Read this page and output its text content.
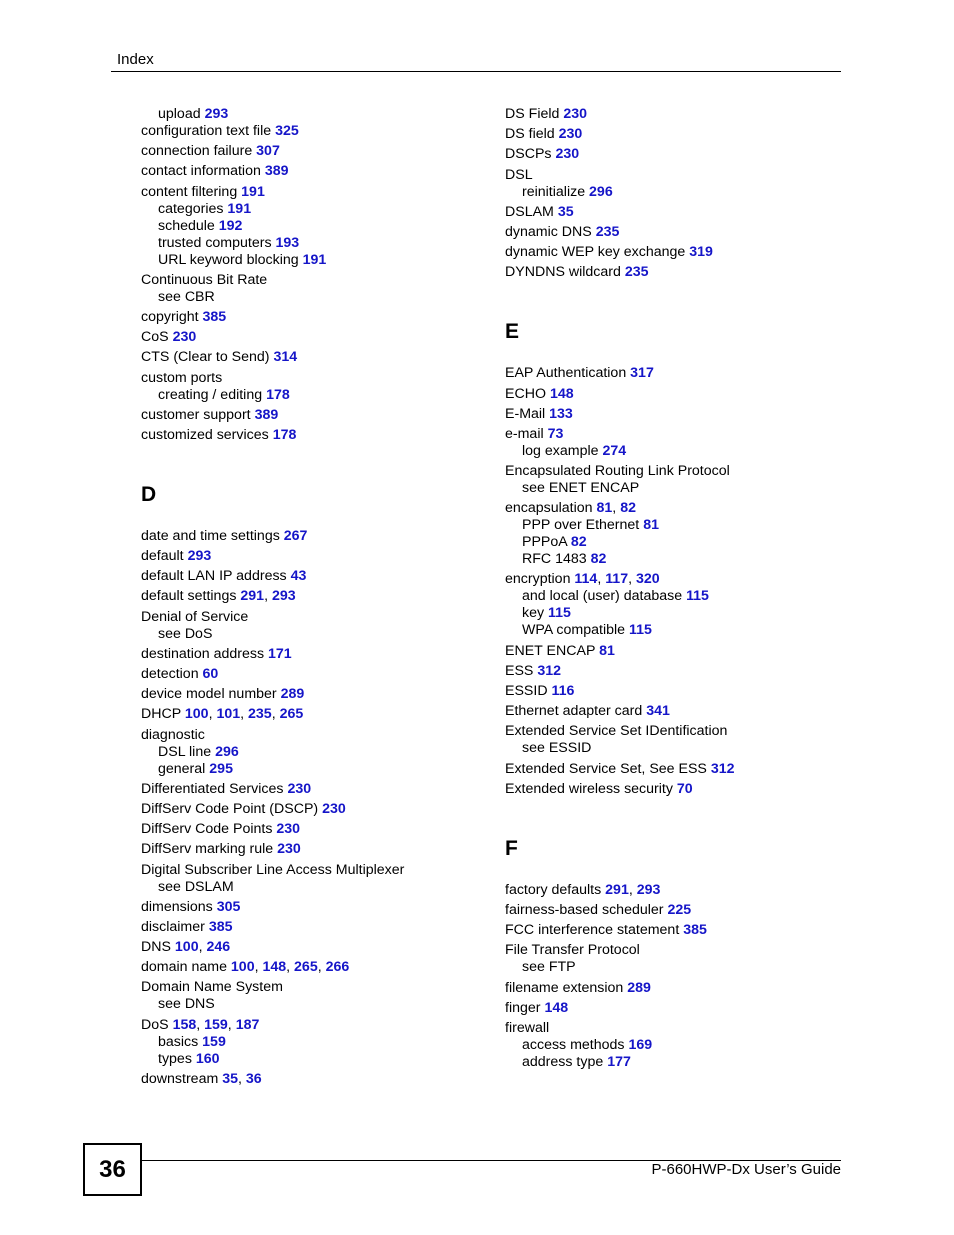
Index
upload 293
configuration text file 325
connection failure 307
contact information 389
content filtering 191
categories 191
schedule 192
trusted computers 193
URL keyword blocking 191
Continuous Bit Rate
see CBR
copyright 385
CoS 230
CTS (Clear to Send) 314
custom ports
creating / editing 178
customer support 389
customized services 178
D
date and time settings 267
default 293
default LAN IP address 43
default settings 291, 293
Denial of Service
see DoS
destination address 171
detection 60
device model number 289
DHCP 100, 101, 235, 265
diagnostic
DSL line 296
general 295
Differentiated Services 230
DiffServ Code Point (DSCP) 230
DiffServ Code Points 230
DiffServ marking rule 230
Digital Subscriber Line Access Multiplexer
see DSLAM
dimensions 305
disclaimer 385
DNS 100, 246
domain name 100, 148, 265, 266
Domain Name System
see DNS
DoS 158, 159, 187
basics 159
types 160
downstream 35, 36
DS Field 230
DS field 230
DSCPs 230
DSL
reinitialize 296
DSLAM 35
dynamic DNS 235
dynamic WEP key exchange 319
DYNDNS wildcard 235
E
EAP Authentication 317
ECHO 148
E-Mail 133
e-mail 73
log example 274
Encapsulated Routing Link Protocol
see ENET ENCAP
encapsulation 81, 82
PPP over Ethernet 81
PPPoA 82
RFC 1483 82
encryption 114, 117, 320
and local (user) database 115
key 115
WPA compatible 115
ENET ENCAP 81
ESS 312
ESSID 116
Ethernet adapter card 341
Extended Service Set IDentification
see ESSID
Extended Service Set, See ESS 312
Extended wireless security 70
F
factory defaults 291, 293
fairness-based scheduler 225
FCC interference statement 385
File Transfer Protocol
see FTP
filename extension 289
finger 148
firewall
access methods 169
address type 177
36	P-660HWP-Dx User’s Guide
